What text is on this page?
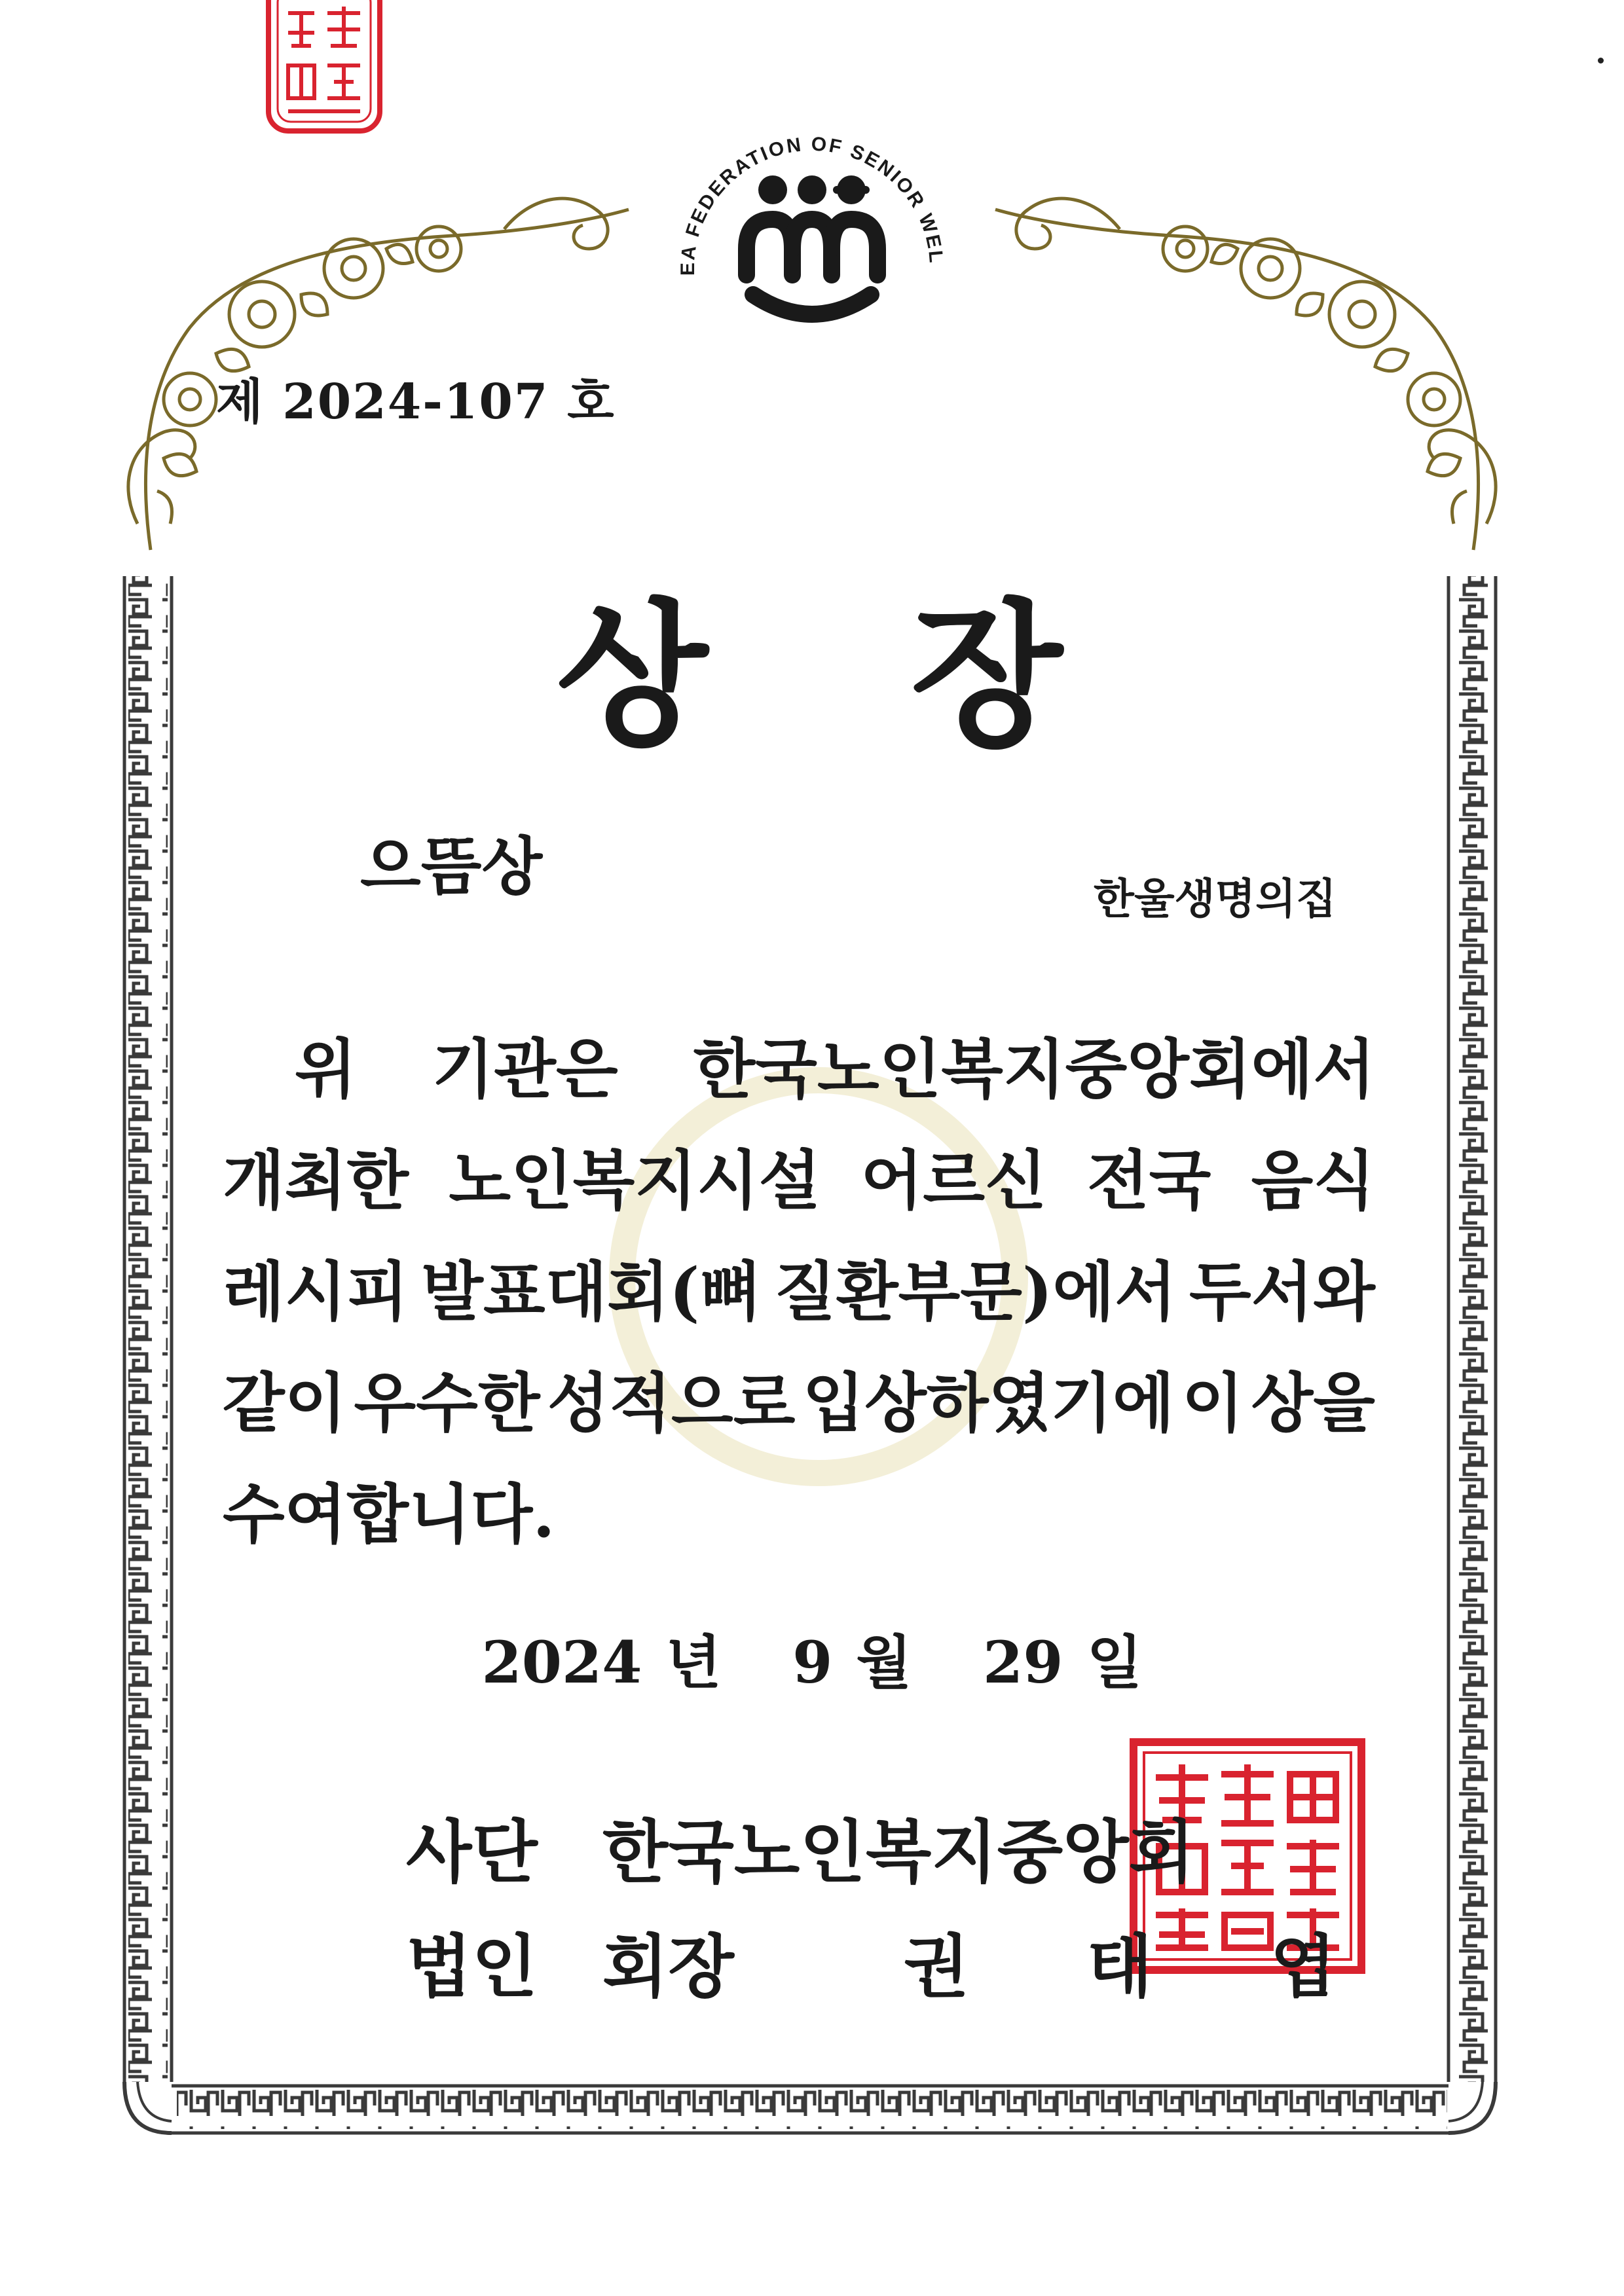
KOREA FEDERATION OF SENIOR WELFARE
제 2024-107 호
상 장
으뜸상	한울생명의집
위 기관은 한국노인복지중앙회에서
개최한 노인복지시설 어르신 전국 음식
레시피 발표대회(뼈 질환부문)에서 두서와
같이 우수한 성적으로 입상하였기에 이 상을
수여합니다.
2024 년 9 월 29 일
사단 한국노인복지중앙회
법인 회장 권 태 엽
